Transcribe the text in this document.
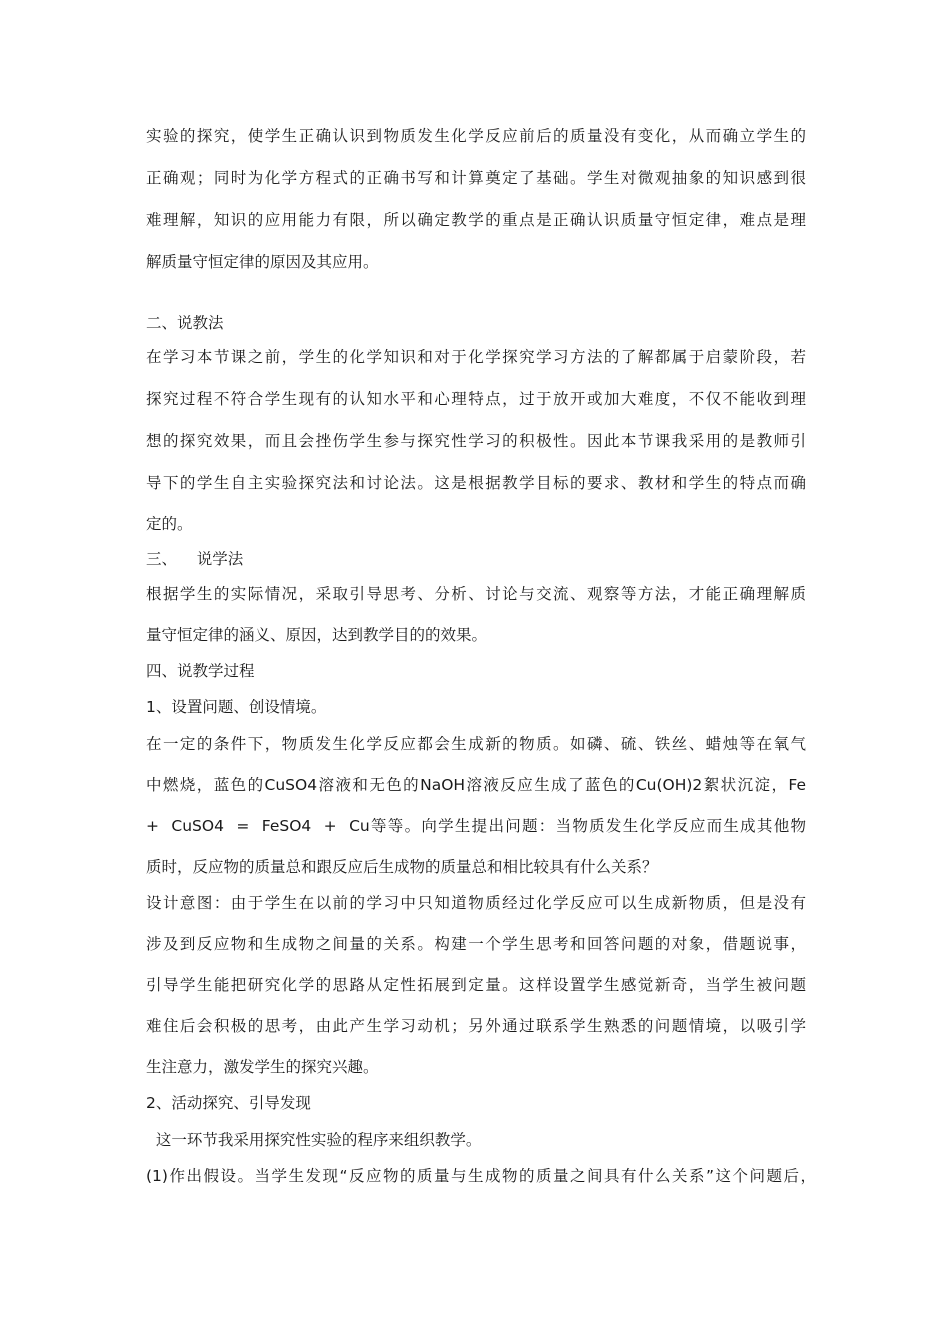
实验的探究，使学生正确认识到物质发生化学反应前后的质量没有变化，从而确立学生的
正确观；同时为化学方程式的正确书写和计算奠定了基础。学生对微观抽象的知识感到很
难理解，知识的应用能力有限，所以确定教学的重点是正确认识质量守恒定律，难点是理
解质量守恒定律的原因及其应用。
二、说教法
在学习本节课之前，学生的化学知识和对于化学探究学习方法的了解都属于启蒙阶段，若
探究过程不符合学生现有的认知水平和心理特点，过于放开或加大难度，不仅不能收到理
想的探究效果，而且会挫伤学生参与探究性学习的积极性。因此本节课我采用的是教师引
导下的学生自主实验探究法和讨论法。这是根据教学目标的要求、教材和学生的特点而确
定的。
三、    说学法
根据学生的实际情况，采取引导思考、分析、讨论与交流、观察等方法，才能正确理解质
量守恒定律的涵义、原因，达到教学目的的效果。
四、说教学过程
1、设置问题、创设情境。
在一定的条件下，物质发生化学反应都会生成新的物质。如磷、硫、铁丝、蜡烛等在氧气
中燃烧，蓝色的CuSO4溶液和无色的NaOH溶液反应生成了蓝色的Cu(OH)2絮状沉淀，Fe
+  CuSO4  =  FeSO4  +  Cu等等。向学生提出问题：当物质发生化学反应而生成其他物
质时，反应物的质量总和跟反应后生成物的质量总和相比较具有什么关系？
设计意图：由于学生在以前的学习中只知道物质经过化学反应可以生成新物质，但是没有
涉及到反应物和生成物之间量的关系。构建一个学生思考和回答问题的对象，借题说事，
引导学生能把研究化学的思路从定性拓展到定量。这样设置学生感觉新奇，当学生被问题
难住后会积极的思考，由此产生学习动机；另外通过联系学生熟悉的问题情境，以吸引学
生注意力，激发学生的探究兴趣。
2、活动探究、引导发现
这一环节我采用探究性实验的程序来组织教学。
(1)作出假设。当学生发现“反应物的质量与生成物的质量之间具有什么关系”这个问题后，
